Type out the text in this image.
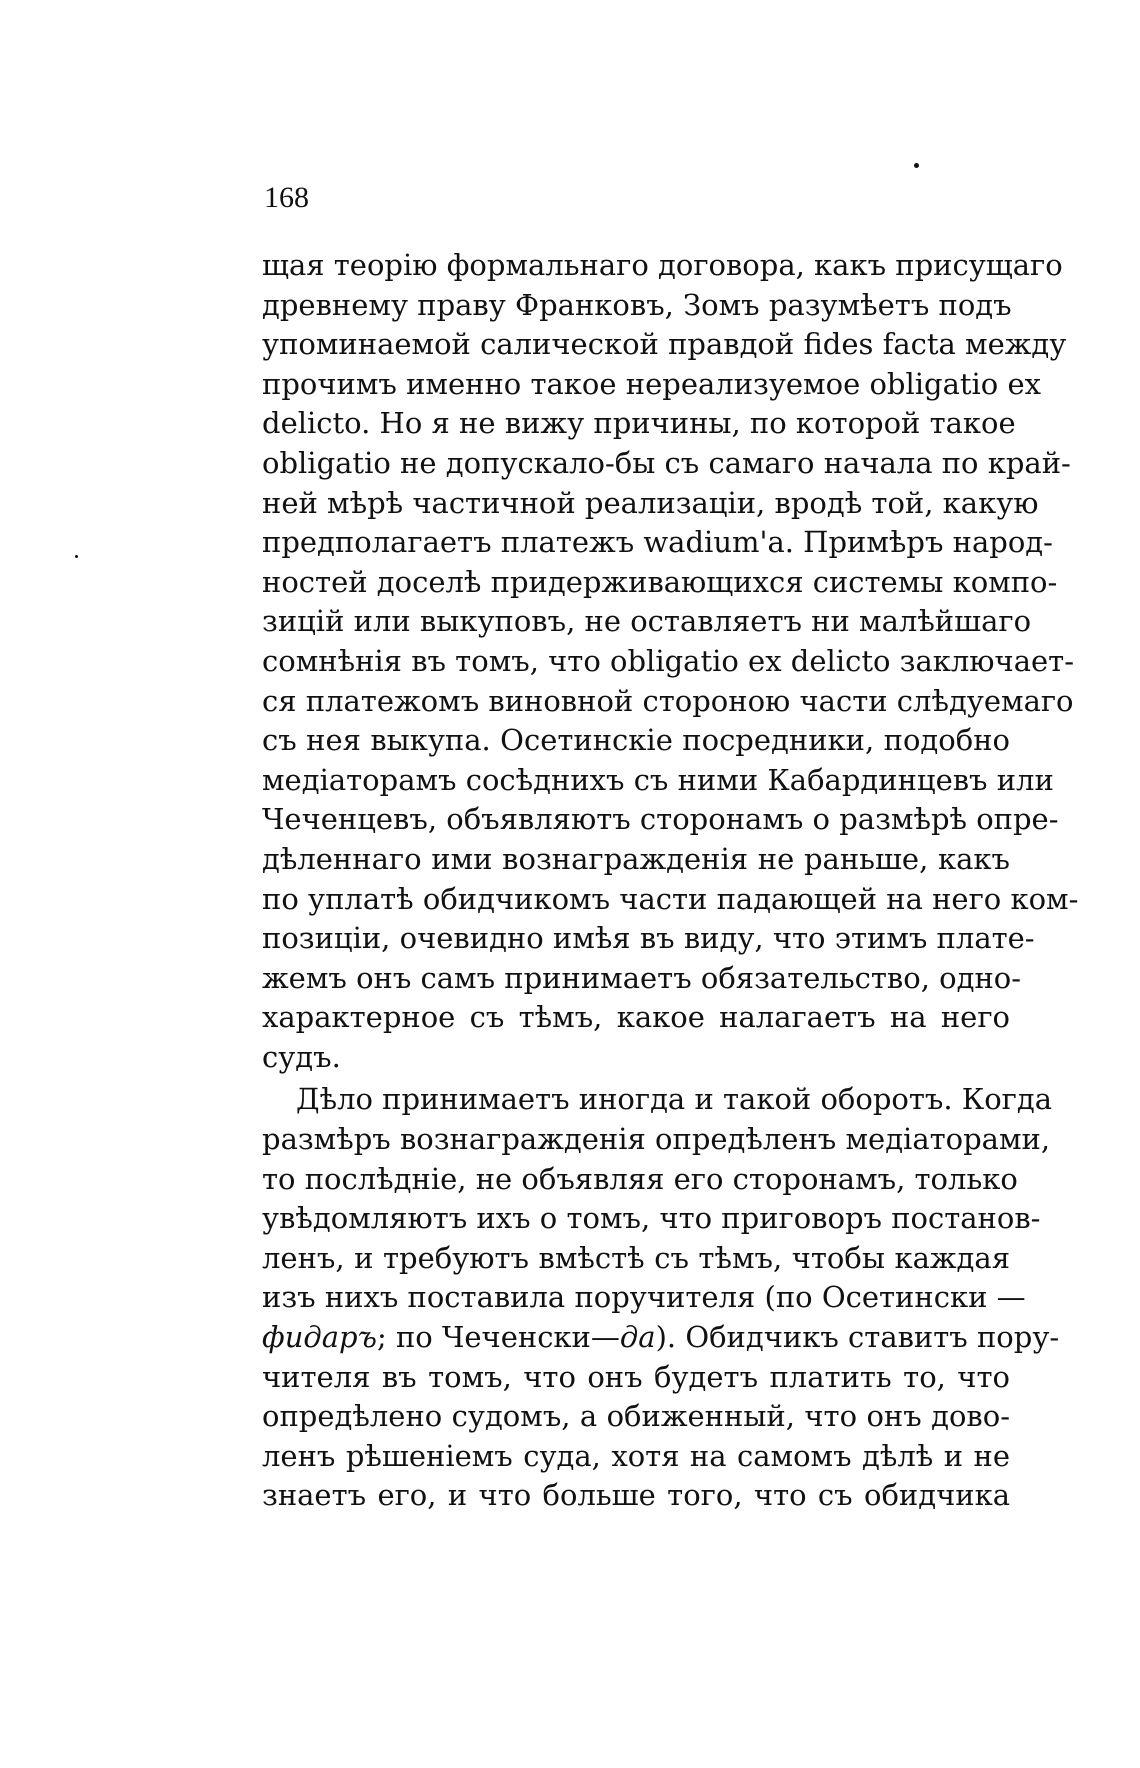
168
щая теорію формальнаго договора, какъ присущаго
древнему праву Франковъ, Зомъ разумѣетъ подъ
упоминаемой салической правдой fides facta между
прочимъ именно такое нереализуемое obligatio ex
delicto. Но я не вижу причины, по которой такое
obligatio не допускало-бы съ самаго начала по край-
ней мѣрѣ частичной реализаціи, вродѣ той, какую
предполагаетъ платежъ wadium'a. Примѣръ народ-
ностей доселѣ придерживающихся системы компо-
зицій или выкуповъ, не оставляетъ ни малѣйшаго
сомнѣнія въ томъ, что obligatio ex delicto заключает-
ся платежомъ виновной стороною части слѣдуемаго
съ нея выкупа. Осетинскіе посредники, подобно
медіаторамъ сосѣднихъ съ ними Кабардинцевъ или
Чеченцевъ, объявляютъ сторонамъ о размѣрѣ опре-
дѣленнаго ими вознагражденія не раньше, какъ
по уплатѣ обидчикомъ части падающей на него ком-
позиціи, очевидно имѣя въ виду, что этимъ плате-
жемъ онъ самъ принимаетъ обязательство, одно-
характерное съ тѣмъ, какое налагаетъ на него
судъ.
Дѣло принимаетъ иногда и такой оборотъ. Когда
размѣръ вознагражденія опредѣленъ медіаторами,
то послѣдніе, не объявляя его сторонамъ, только
увѣдомляютъ ихъ о томъ, что приговоръ постанов-
ленъ, и требуютъ вмѣстѣ съ тѣмъ, чтобы каждая
изъ нихъ поставила поручителя (по Осетински —
фидаръ; по Чеченски—да). Обидчикъ ставитъ пору-
чителя въ томъ, что онъ будетъ платить то, что
опредѣлено судомъ, а обиженный, что онъ дово-
ленъ рѣшеніемъ суда, хотя на самомъ дѣлѣ и не
знаетъ его, и что больше того, что съ обидчика
